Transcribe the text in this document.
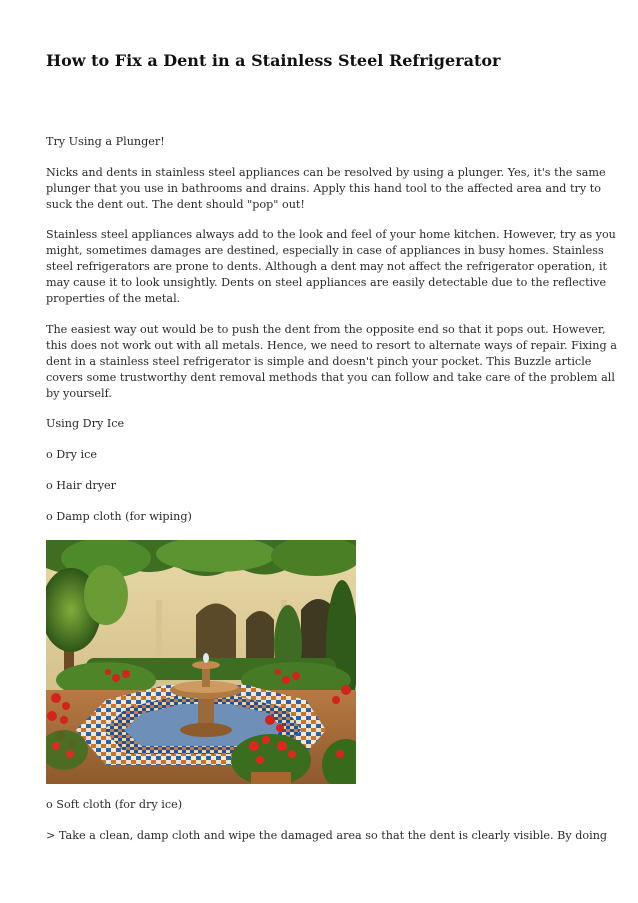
How to Fix a Dent in a Stainless Steel Refrigerator
Try Using a Plunger!
Nicks and dents in stainless steel appliances can be resolved by using a plunger. Yes, it's the same
plunger that you use in bathrooms and drains. Apply this hand tool to the affected area and try to
suck the dent out. The dent should "pop" out!
Stainless steel appliances always add to the look and feel of your home kitchen. However, try as you
might, sometimes damages are destined, especially in case of appliances in busy homes. Stainless
steel refrigerators are prone to dents. Although a dent may not affect the refrigerator operation, it
may cause it to look unsightly. Dents on steel appliances are easily detectable due to the reflective
properties of the metal.
The easiest way out would be to push the dent from the opposite end so that it pops out. However,
this does not work out with all metals. Hence, we need to resort to alternate ways of repair. Fixing a
dent in a stainless steel refrigerator is simple and doesn't pinch your pocket. This Buzzle article
covers some trustworthy dent removal methods that you can follow and take care of the problem all
by yourself.
Using Dry Ice
o Dry ice
o Hair dryer
o Damp cloth (for wiping)
o Soft cloth (for dry ice)
> Take a clean, damp cloth and wipe the damaged area so that the dent is clearly visible. By doing
